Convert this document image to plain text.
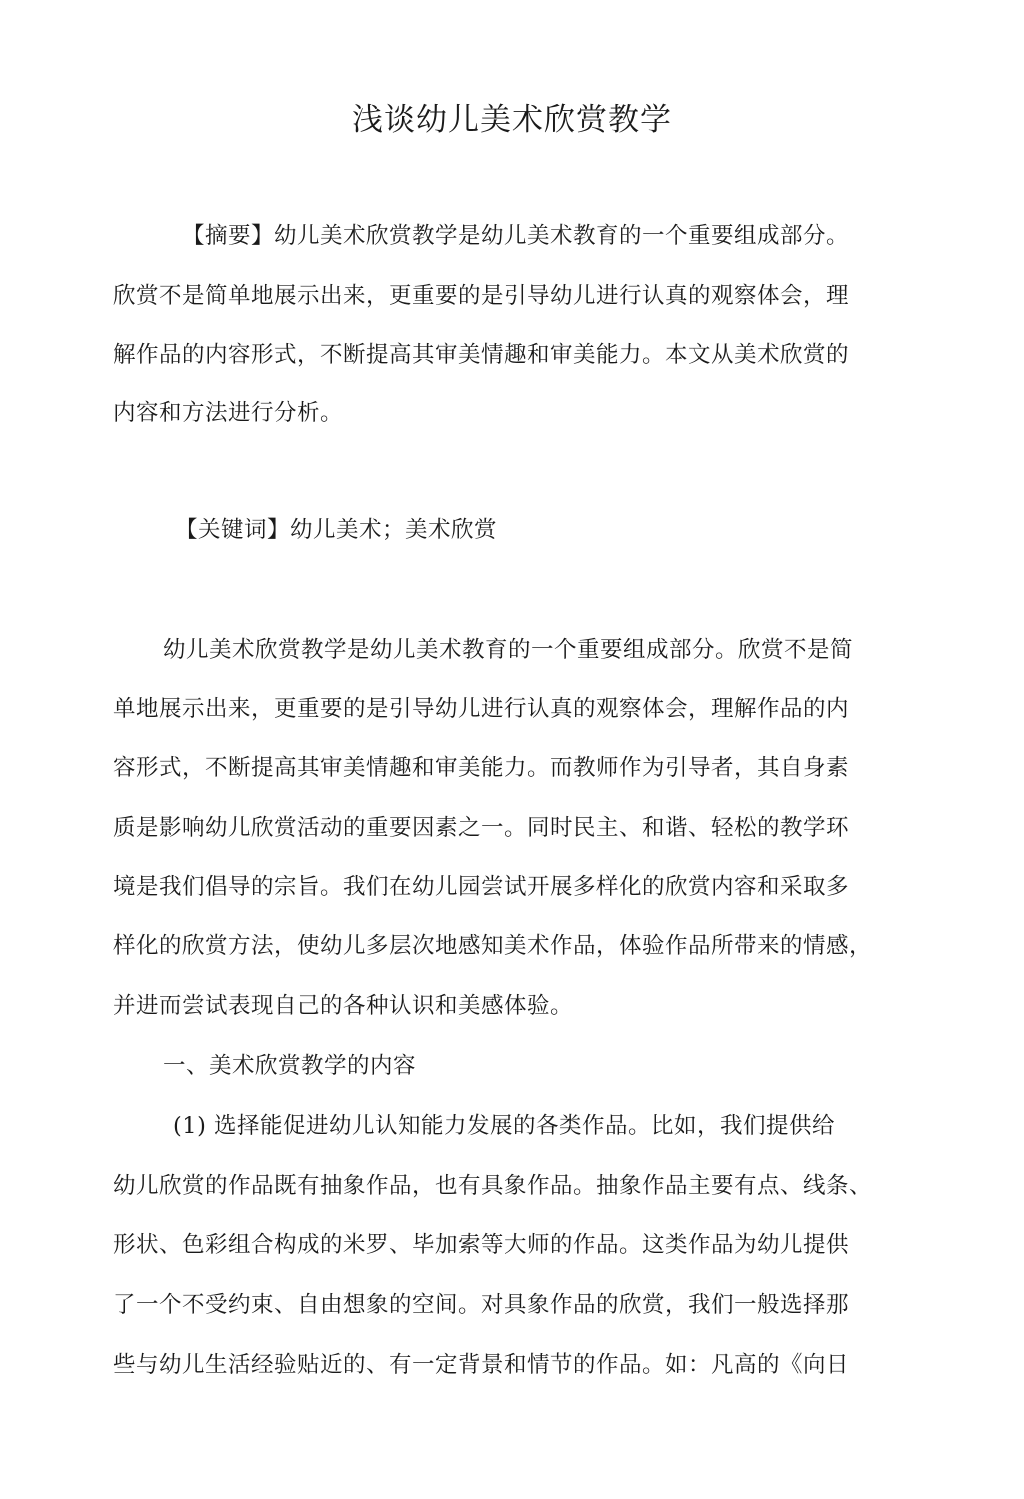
浅谈幼儿美术欣赏教学
【摘要】幼儿美术欣赏教学是幼儿美术教育的一个重要组成部分。
欣赏不是简单地展示出来，更重要的是引导幼儿进行认真的观察体会，理
解作品的内容形式，不断提高其审美情趣和审美能力。本文从美术欣赏的
内容和方法进行分析。
【关键词】幼儿美术；美术欣赏
幼儿美术欣赏教学是幼儿美术教育的一个重要组成部分。欣赏不是简
单地展示出来，更重要的是引导幼儿进行认真的观察体会，理解作品的内
容形式，不断提高其审美情趣和审美能力。而教师作为引导者，其自身素
质是影响幼儿欣赏活动的重要因素之一。同时民主、和谐、轻松的教学环
境是我们倡导的宗旨。我们在幼儿园尝试开展多样化的欣赏内容和采取多
样化的欣赏方法，使幼儿多层次地感知美术作品，体验作品所带来的情感，
并进而尝试表现自己的各种认识和美感体验。
一、美术欣赏教学的内容
(1) 选择能促进幼儿认知能力发展的各类作品。比如，我们提供给
幼儿欣赏的作品既有抽象作品，也有具象作品。抽象作品主要有点、线条、
形状、色彩组合构成的米罗、毕加索等大师的作品。这类作品为幼儿提供
了一个不受约束、自由想象的空间。对具象作品的欣赏，我们一般选择那
些与幼儿生活经验贴近的、有一定背景和情节的作品。如：凡高的《向日
